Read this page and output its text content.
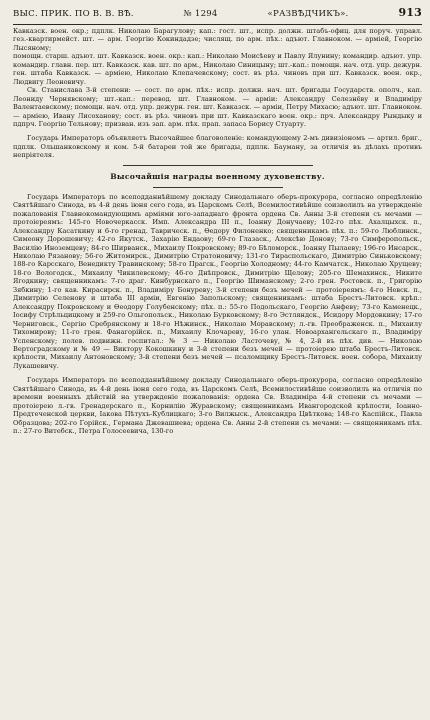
ВЫС. ПРИК. ПО В. В. ВѢ.	№ 1294	«РАЗВѢДЧИКЪ».	913

Кавказск. воен. окр.; пдплк. Николаю Барагулову; кап.: гост. шт., испр. должн. штабъ-офиц. для поруч. управл. гез.-квартирмейст. шт. — арм. Георгію Кокиндадзе; числящ. по арм. пѣх.: адъют. Главноком. — арміей, Георгію Лысяному;

помощн. старш. адъют. шт. Кавказск. воен. окр.: кап.: Николаю Моисѣеву и Павлу Ялунину; командир. адъют. упр. командир. главн. пер. шт. Кавказск. кав. шт. по арм., Николаю Синицыну; шт.-кап.: помощн. нач. отд. упр. дежурн. ген. штаба Кавказск. — арміею, Николаю Клепачевскому; сост. въ рѣз. чиновъ при шт. Кавказск. воен. окр., Людвигу Леоновичу.

Св. Станислава 3-й степени: — сост. по арм. пѣх.: испр. должн. нач. шт. бригады Государств. ополч., кап. Леониду Чернявскому; шт.-кап.: перевод. шт. Главноком. — арміи: Александру Селезнёву и Владиміру Валентаевскому; помощн. нач. отд. упр. дежурн. ген. шт. Кавказск. — арміи, Петру Михасю; адъют. шт. Главноком. — арміею, Ивану Лисоханову; сост. въ рѣз. чиновъ при шт. Кавказскаго воен. окр.: прч. Александру Рындыку и пдпрч. Георгію Тельнову; призван. изъ зап. арм. пѣх. прап. запаса Борису Стуарту.

Государь Императоръ объявляетъ Высочайшее благоволеніе: командующему 2-мъ дивизіономъ — артил. бриг., пдплк. Ольшанковскому и ком. 5-й батареи той же бригады, пдплк. Бауману, за отличія въ дѣлахъ противъ непріятеля.

Высочайшія награды военному духовенству.

Государь Императоръ по всеподданнѣйшему докладу Синодальнаго оберъ-прокурора, согласно опредѣленію Святѣйшаго Синода, въ 4-й день іюня сего года, въ Царскомъ Селѣ, Всемилостивѣйше соизволилъ на утвержденіе пожалованія Главнокомандующимъ арміями юго-западнаго фронта ордена Св. Анны 3-й степени съ мечами — протоіереямъ: 145-го Новочеркасск. Имп. Александра III п., Іоанну Донучаеву; 102-го пѣх. Ахалцыхск. п., Александру Касаткину и 6-го гренад. Таврическ. п., Ѳедору Филоненко; священникамъ пѣх. п.: 59-го Люблинск., Симеону Дорошевичу; 42-го Якутск., Захарію Ендаову; 69-го Глазаск., Алексѣю Донову; 73-го Симферопольск., Василію Иноземцеву; 84-го Ширванск., Михаилу Покровскому; 89-го Бѣломорск., Іоанну Пылаеву; 196-го Инсарск., Николаю Рязанову; 56-го Житомирск., Димитрію Стратоновичу; 131-го Тираспольскаго, Димитрію Синьковскому; 188-го Карсскаго, Венедикту Травинскому; 58-го Прагск., Георгію Холодному; 44-го Камчатск., Николаю Хрущеву; 18-го Вологодск., Михаилу Чикилевскому; 46-го Днѣпровск., Димитрію Щелову; 205-го Шемахинск., Никите Ягодкину; священникамъ: 7-го драг. Кинбурнскаго п., Георгію Шиманскому; 2-го грен. Ростовск. п., Григорію Зябкину; 1-го кав. Кирасирск. п., Владиміру Бонуреву; 3-й степени безъ мечей — протоіереямъ: 4-го Невск. п., Димитрію Селенову и штаба III арміи, Евгенію Запольскому; священникамъ: штаба Брестъ-Литовск. крѣп.: Александру Покровскому и Ѳеодору Голубенскому; пѣх. п.: 55-го Подольскаго, Георгію Анфеву; 73-го Каменецк., Іосифу Стрѣльцицкому и 259-го Ольгопольск., Николаю Бурковскому; 8-го Эстляндск., Исидору Мордовкину; 17-го Черниговск., Сергію Сребрянскому и 18-го Нѣжинск., Николаю Моравскому; л.-гв. Преображенск. п., Михаилу Тихомирову; 11-го грен. Фанагорійск. п., Михаилу Клочареву, 16-го улан. Новоархангельскаго п., Владиміру Успенскому; полев. подвижн. госпитал.: № 3 — Николаю Ласточеву, № 4, 2-й въ пѣх. див. — Николаю Вертоградскому и № 49 — Виктору Кокошкину и 3-й степени безъ мечей — протоіерею штаба Брестъ-Литовск. крѣпости, Михаилу Антоновскому; 3-й степени безъ мечей — псаломщику Брестъ-Литовск. воен. собора, Михаилу Лукашевичу.

Государь Императоръ по всеподданнѣйшему докладу Синодальнаго оберъ-прокурора, согласно опредѣленію Святѣйшаго Синода, въ 4-й день іюня сего года, въ Царскомъ Селѣ, Всемилостивѣйше соизволилъ на отличія по времени военныхъ дѣйствій на утвержденіе пожалованія: ордена Св. Владиміра 4-й степени съ мечами — протоіерею л.-гв. Гренадерскаго п., Корнилію Журавскому; священникамъ Ивангородской крѣпости, Іоанно-Предтеченской церкви, Іакова Пѣтухъ-Кублицкаго; 3-го Вилжыск., Александра Цвѣткова; 148-го Каспійск., Павла Образцова; 202-го Горійск., Германа Джевашиева; ордена Св. Анны 2-й степени съ мечами: — священникамъ пѣх. п.: 27-го Витебск., Петра Голосеевича, 130-го
